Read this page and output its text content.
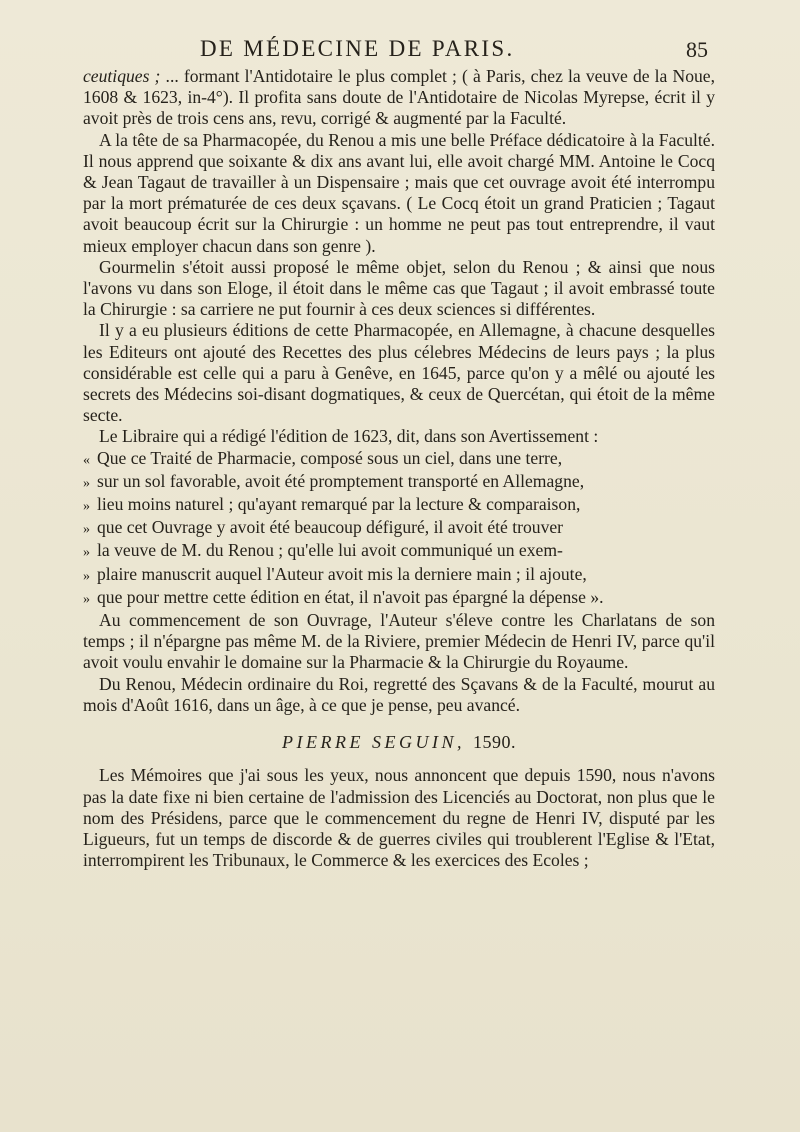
DE MÉDECINE DE PARIS.	85

ceutiques ; ... formant l'Antidotaire le plus complet ; ( à Paris, chez la veuve de la Noue, 1608 & 1623, in-4°). Il profita sans doute de l'Antidotaire de Nicolas Myrepse, écrit il y avoit près de trois cens ans, revu, corrigé & augmenté par la Faculté.

A la tête de sa Pharmacopée, du Renou a mis une belle Préface dédicatoire à la Faculté. Il nous apprend que soixante & dix ans avant lui, elle avoit chargé MM. Antoine le Cocq & Jean Tagaut de travailler à un Dispensaire ; mais que cet ouvrage avoit été interrompu par la mort prématurée de ces deux sçavans. ( Le Cocq étoit un grand Praticien ; Tagaut avoit beaucoup écrit sur la Chirurgie : un homme ne peut pas tout entreprendre, il vaut mieux employer chacun dans son genre ).

Gourmelin s'étoit aussi proposé le même objet, selon du Renou ; & ainsi que nous l'avons vu dans son Eloge, il étoit dans le même cas que Tagaut ; il avoit embrassé toute la Chirurgie : sa carriere ne put fournir à ces deux sciences si différentes.

Il y a eu plusieurs éditions de cette Pharmacopée, en Allemagne, à chacune desquelles les Editeurs ont ajouté des Recettes des plus célebres Médecins de leurs pays ; la plus considérable est celle qui a paru à Genêve, en 1645, parce qu'on y a mêlé ou ajouté les secrets des Médecins soi-disant dogmatiques, & ceux de Quercétan, qui étoit de la même secte.

Le Libraire qui a rédigé l'édition de 1623, dit, dans son Avertissement :

« Que ce Traité de Pharmacie, composé sous un ciel, dans une terre,

» sur un sol favorable, avoit été promptement transporté en Allemagne,

» lieu moins naturel ; qu'ayant remarqué par la lecture & comparaison,

» que cet Ouvrage y avoit été beaucoup défiguré, il avoit été trouver

» la veuve de M. du Renou ; qu'elle lui avoit communiqué un exem-

» plaire manuscrit auquel l'Auteur avoit mis la derniere main ; il ajoute,

» que pour mettre cette édition en état, il n'avoit pas épargné la dépense ».

Au commencement de son Ouvrage, l'Auteur s'éleve contre les Charlatans de son temps ; il n'épargne pas même M. de la Riviere, premier Médecin de Henri IV, parce qu'il avoit voulu envahir le domaine sur la Pharmacie & la Chirurgie du Royaume.

Du Renou, Médecin ordinaire du Roi, regretté des Sçavans & de la Faculté, mourut au mois d'Août 1616, dans un âge, à ce que je pense, peu avancé.

PIERRE SEGUIN, 1590.

Les Mémoires que j'ai sous les yeux, nous annoncent que depuis 1590, nous n'avons pas la date fixe ni bien certaine de l'admission des Licenciés au Doctorat, non plus que le nom des Présidens, parce que le commencement du regne de Henri IV, disputé par les Ligueurs, fut un temps de discorde & de guerres civiles qui troublerent l'Eglise & l'Etat, interrompirent les Tribunaux, le Commerce & les exercices des Ecoles ;
